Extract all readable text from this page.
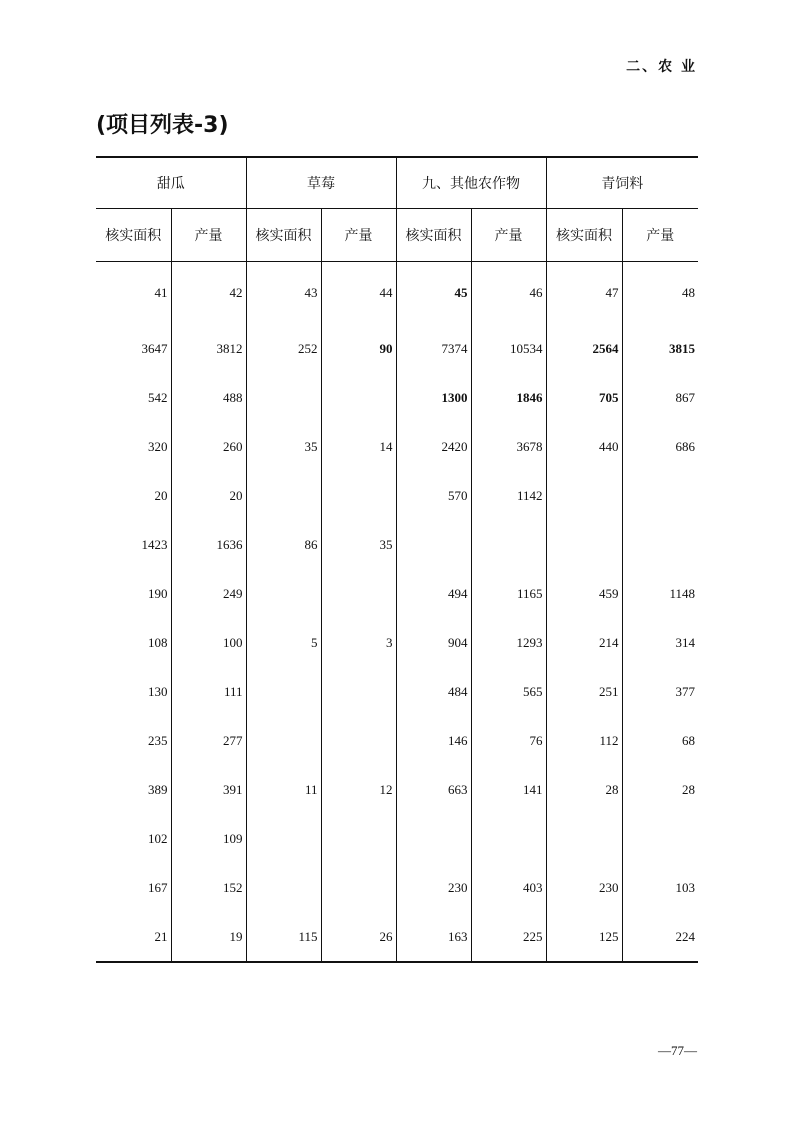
二、农 业
(项目列表-3)
甜瓜		草莓		九、其他农作物		青饲料	
核实面积	产量	核实面积	产量	核实面积	产量	核实面积	产量
41	42	43	44	45	46	47	48
3647	3812	252	90	7374	10534	2564	3815
542	488			1300	1846	705	867
320	260	35	14	2420	3678	440	686
20	20			570	1142		
1423	1636	86	35				
190	249			494	1165	459	1148
108	100	5	3	904	1293	214	314
130	111			484	565	251	377
235	277			146	76	112	68
389	391	11	12	663	141	28	28
102	109						
167	152			230	403	230	103
21	19	115	26	163	225	125	224
—77—
